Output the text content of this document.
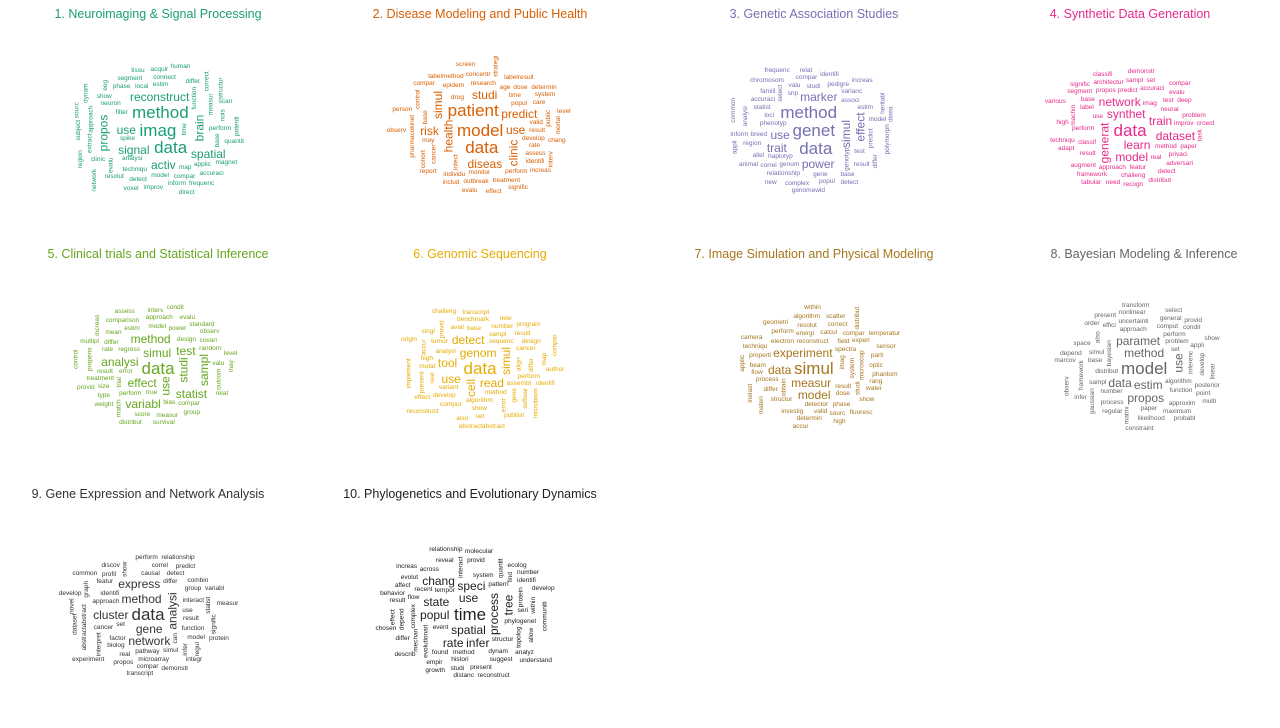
1. Neuroimaging & Signal Processing
imag
method
data
signal
use	brain
reconstruct
activ
propos
spatial
filter
analysi
function
techniqu
neuron
local estim
perform
map
model
measur
extract
time
applic
base
evalu
phase
compar
detect
show
nois
connect
segment
approach
differ
spike
inform
quantit
resolut
clinic
acquir
improv
scan
subject
accuraci
correct
eeg
magnet
dynam
potenti
region
structur
tissu
sourc
voxel
network	frequenc
human
direct
2. Disease Modeling and Public Health
model
data
patient predict
use
health
diseas clinic
studi
risk
simul drug
infect
popul
develop
monitor
cancer
research
result
time
rate
may
valid
assess
epidem	age
individu	perform
base
outbreak
pharmacokinet
treatment
public
dose
control
concentr
labelresult
labelmethod
identifi
cohort
care
includ
chang
increas
effect
report
system
evalu
observ	mortal
person
screen	strategi
interv
determin
signific
compar
level
3. Genetic Association Studies
genet
data
method
use	simul
trait
marker
power
effect
genotyp
genom
phenotyp
loci
associ
select
test
studi
statist
haplotyp
gene
snp
pedigre
breed
estim
relationship
varianc
predict
accuraci
region
model
result
compar
analysi
base
allel
famili
popul
polymorph
heritabl
complex
correl
inform
identifi
genomewid
common
chromosom
valu
differ
animal
appli
relat
frequenc
increas
disea
detect
new
4. Synthetic Data Generation
data
synthet
learn
generat
network
model
train
dataset
imag
use
method
classif
perform
real
featur
predict
result
neural
machin
approach
accuraci
improv
test
base
chalieng
privaci
architectur
paper
propos
adversari
detect
sampl
problem
techniqu
framework
augment
deep
set
evalu
distribut
recogn
label
high
signific
classifi
adapt
segment
demonstr
compar
tabular
crowd
various
task
need
5. Clinical trials and Statistical Inference
data
use
simul
studi
effect
method
analysi
test
statist
variabl
sampl
regress
trial
error
perform
design
model
bias
treatment
power
random
result
differ
estim
compar
measur
covari
size	outcom
score
type
rate
mean
valu
approach
propens
comparison
standard
group
evalu
observ
match
level
relat
weight
survival
interv
provid
assess
multipl
may
true
condit
control
distribut
increas
6. Genomic Sequencing
data
genom simul
read
cell
use
tool
detect
method
sequenc
align
algorithm
analysi
variant
assembl
mutat
perform
sampl
gene
develop
differ
cancer
tumor
base
show error softwar
present
comput
number
high
benchmark
provid
accur
result
map
set
design
identifi
avail
also
new
real
publish
implement
transcript
program
effect
singl
microbiom
abstractabstract
author
reconstruct
origin	compar
challeng
7. Image Simulation and Physical Modeling
simul
measur
experiment
data
model
imag system
reconstruct
result
obtain
spectra
energi
electron
detector
field
dose
calcul
structur
process	microscop
phase
properti
beam
resolut
differ
perform
studi
valid
correct
compar
experi
investig
algorithm
techniqu
optic
geometri
flow
parti
rang
determin
show
scatter
sourc
materi
camera
inelast
applic
water
fluoresc
sensor
phantom
distribut
high
within
accur
temperatur
8. Bayesian Modeling & Inference
model
method
estim
data
paramet
use
propos
algorithm
bayesian	problem
function
distribut
number
inferenc
base
sampl
simul
approach
paper
perform
process
develop
comput
approxim
also
set
framework
uncertainti
matrix
appli
gaussian
posterior
maximum
regular
likelihood
space
linear
nonlinear
general
effici	condit
point
probabl
infer
marcov
order
select
show
constraint
depend
multi
provid
present
observ
transform
9. Gene Expression and Network Analysis
data
method
gene
network
cluster	analysi
express
set
use
identifi
approach	interact
function
differ
pathway
factor
result
can
cancer
biolog
causal
group
simul infer
detect
statist
interpret	model
microarray
featur
abstractabstract
show	correl
signific
regul
real
combin
propos
graph
profil
perform
compar
predict
integr
transcript
discov
relationship
dataset
experiment
demonstr
novel
variabl
develop
measur
protein
common
10. Phylogenetics and Evolutionary Dynamics
time process
spatial
use
popul
state	tree
speci
infer
rate
chang
event
tempor
phylogenet
evolutionari	structur
system
pattern
seri
method
protein
dynam
complex
interact
histori
found
depend
mechan
recent
topolog
provid
within
find
flow
quantit
suggest
across
allow
present
reveal
empir
communiti
studi
analyz
identifi
develop
affect
effect
differ
distanc
result
molecular
behavior
ecolog
relationship
evolut
reconstruct
number
describ
growth
understand
increas
chosen
